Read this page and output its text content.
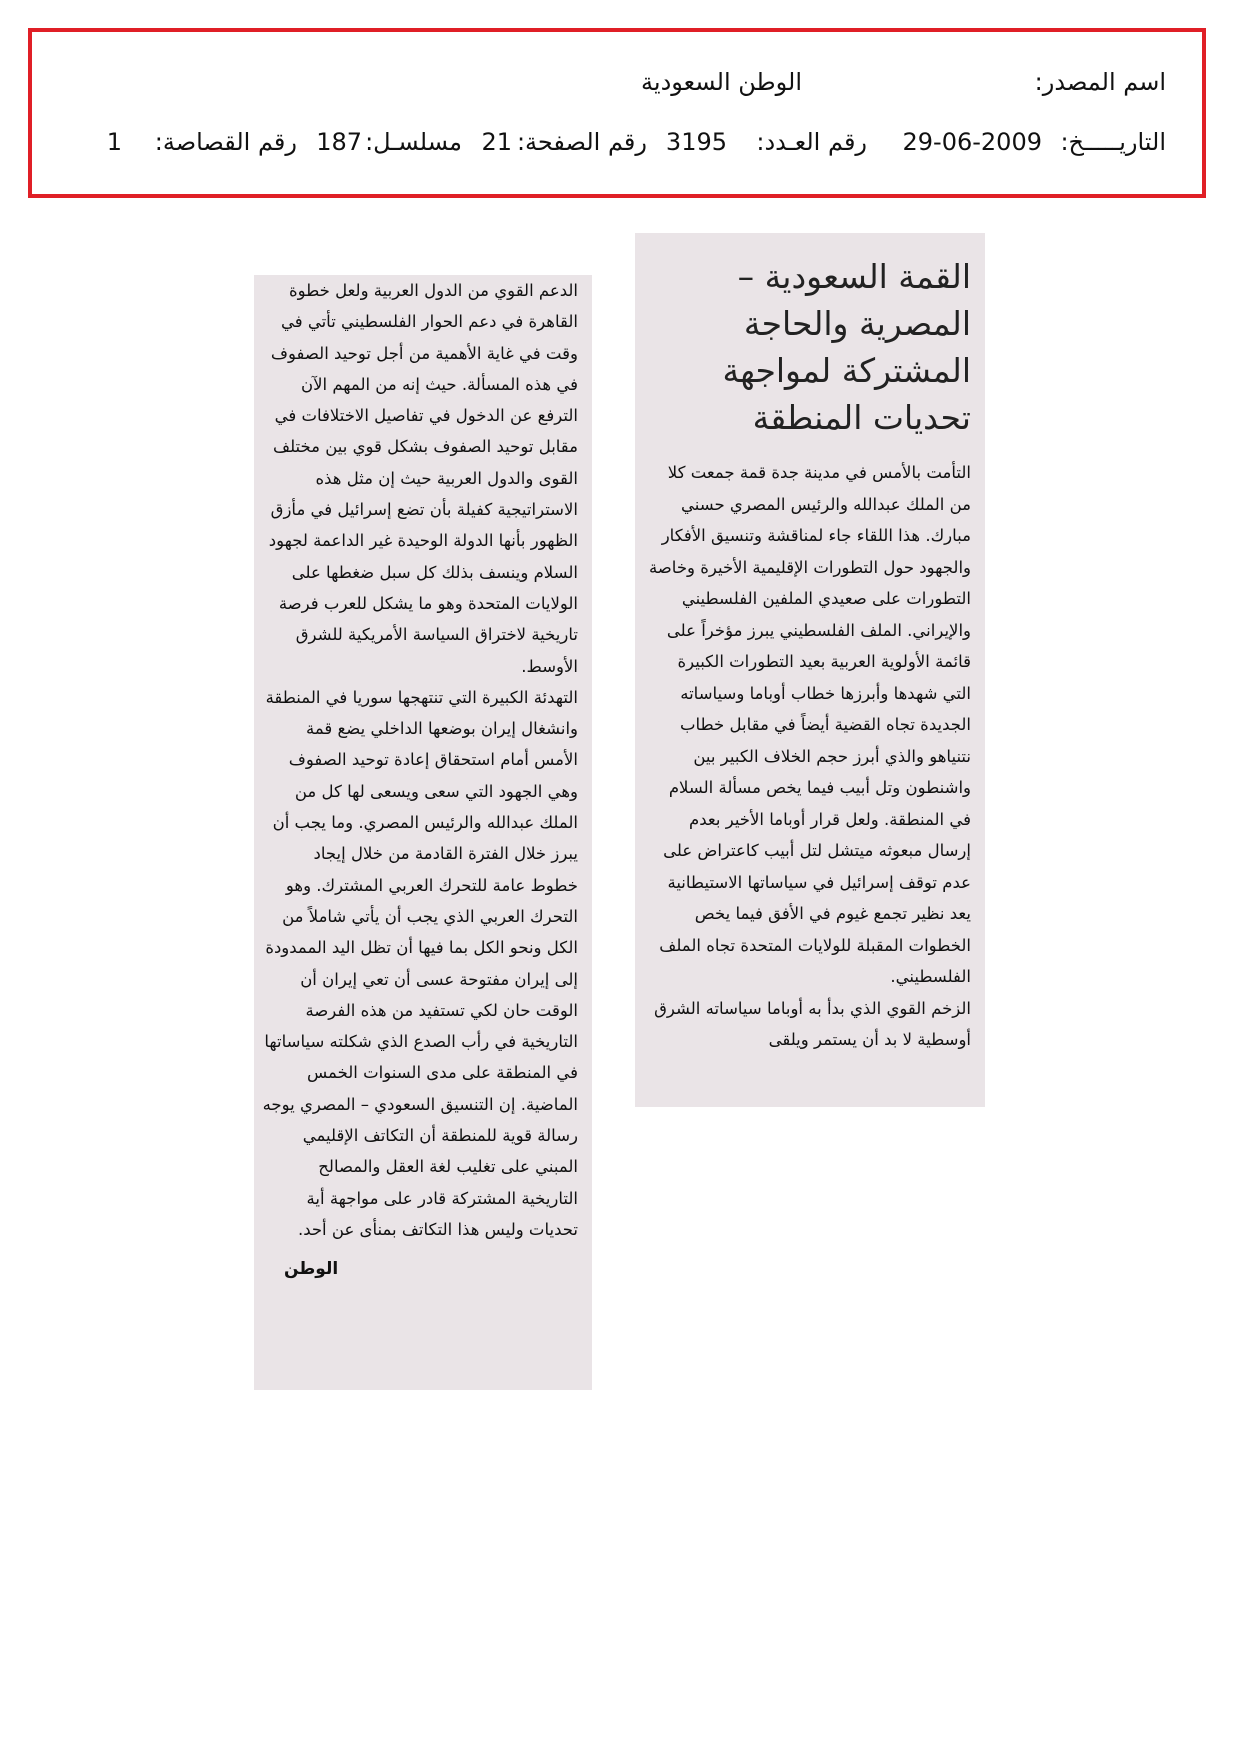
اسم المصدر:
الوطن السعودية
التاريـــــخ:
29-06-2009
رقم العـدد:
3195
رقم الصفحة:
21
مسلسـل:
187
رقم القصاصة:
1
القمة السعودية – المصرية والحاجة المشتركة لمواجهة تحديات المنطقة

التأمت بالأمس في مدينة جدة قمة جمعت كلا من الملك عبدالله والرئيس المصري حسني مبارك. هذا اللقاء جاء لمناقشة وتنسيق الأفكار والجهود حول التطورات الإقليمية الأخيرة وخاصة التطورات على صعيدي الملفين الفلسطيني والإيراني. الملف الفلسطيني يبرز مؤخراً على قائمة الأولوية العربية بعيد التطورات الكبيرة التي شهدها وأبرزها خطاب أوباما وسياساته الجديدة تجاه القضية أيضاً في مقابل خطاب نتنياهو والذي أبرز حجم الخلاف الكبير بين واشنطون وتل أبيب فيما يخص مسألة السلام في المنطقة. ولعل قرار أوباما الأخير بعدم إرسال مبعوثه ميتشل لتل أبيب كاعتراض على عدم توقف إسرائيل في سياساتها الاستيطانية يعد نظير تجمع غيوم في الأفق فيما يخص الخطوات المقبلة للولايات المتحدة تجاه الملف الفلسطيني.

الزخم القوي الذي بدأ به أوباما سياساته الشرق أوسطية لا بد أن يستمر ويلقى

الدعم القوي من الدول العربية ولعل خطوة القاهرة في دعم الحوار الفلسطيني تأتي في وقت في غاية الأهمية من أجل توحيد الصفوف في هذه المسألة. حيث إنه من المهم الآن الترفع عن الدخول في تفاصيل الاختلافات في مقابل توحيد الصفوف بشكل قوي بين مختلف القوى والدول العربية حيث إن مثل هذه الاستراتيجية كفيلة بأن تضع إسرائيل في مأزق الظهور بأنها الدولة الوحيدة غير الداعمة لجهود السلام وينسف بذلك كل سبل ضغطها على الولايات المتحدة وهو ما يشكل للعرب فرصة تاريخية لاختراق السياسة الأمريكية للشرق الأوسط.

التهدئة الكبيرة التي تنتهجها سوريا في المنطقة وانشغال إيران بوضعها الداخلي يضع قمة الأمس أمام استحقاق إعادة توحيد الصفوف وهي الجهود التي سعى ويسعى لها كل من الملك عبدالله والرئيس المصري. وما يجب أن يبرز خلال الفترة القادمة من خلال إيجاد خطوط عامة للتحرك العربي المشترك. وهو التحرك العربي الذي يجب أن يأتي شاملاً من الكل ونحو الكل بما فيها أن تظل اليد الممدودة إلى إيران مفتوحة عسى أن تعي إيران أن الوقت حان لكي تستفيد من هذه الفرصة التاريخية في رأب الصدع الذي شكلته سياساتها في المنطقة على مدى السنوات الخمس الماضية. إن التنسيق السعودي – المصري يوجه رسالة قوية للمنطقة أن التكاتف الإقليمي المبني على تغليب لغة العقل والمصالح التاريخية المشتركة قادر على مواجهة أية تحديات وليس هذا التكاتف بمنأى عن أحد.

الوطن
